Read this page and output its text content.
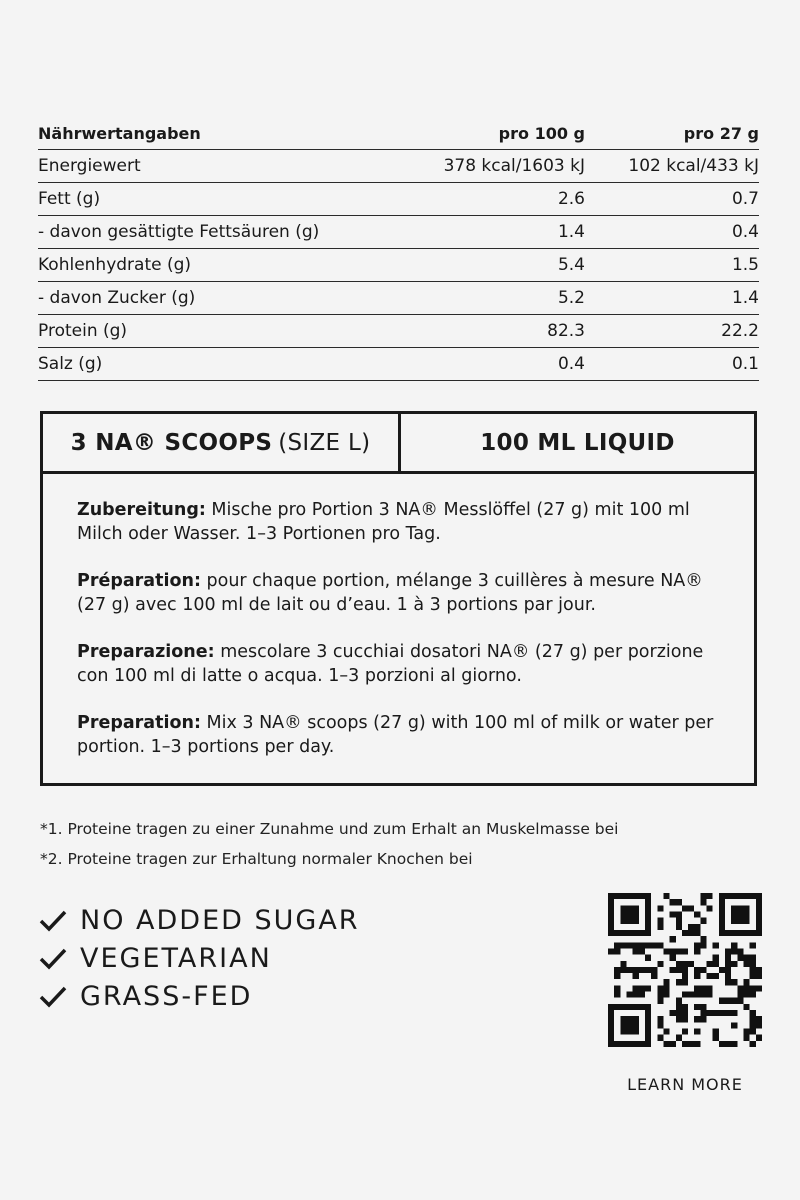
Nährwertangaben	pro 100 g	pro 27 g
Energiewert	378 kcal/1603 kJ	102 kcal/433 kJ
Fett (g)	2.6	0.7
- davon gesättigte Fettsäuren (g)	1.4	0.4
Kohlenhydrate (g)	5.4	1.5
- davon Zucker (g)	5.2	1.4
Protein (g)	82.3	22.2
Salz (g)	0.4	0.1
3 NA® SCOOPS (SIZE L)	100 ML LIQUID

Zubereitung: Mische pro Portion 3 NA® Messlöffel (27 g) mit 100 ml Milch oder Wasser. 1–3 Portionen pro Tag.

Préparation: pour chaque portion, mélange 3 cuillères à mesure NA® (27 g) avec 100 ml de lait ou d’eau. 1 à 3 portions par jour.

Preparazione: mescolare 3 cucchiai dosatori NA® (27 g) per porzione con 100 ml di latte o acqua. 1–3 porzioni al giorno.

Preparation: Mix 3 NA® scoops (27 g) with 100 ml of milk or water per portion. 1–3 portions per day.

*1. Proteine tragen zu einer Zunahme und zum Erhalt an Muskelmasse bei
*2. Proteine tragen zur Erhaltung normaler Knochen bei
NO ADDED SUGAR
VEGETARIAN
GRASS-FED
LEARN MORE
